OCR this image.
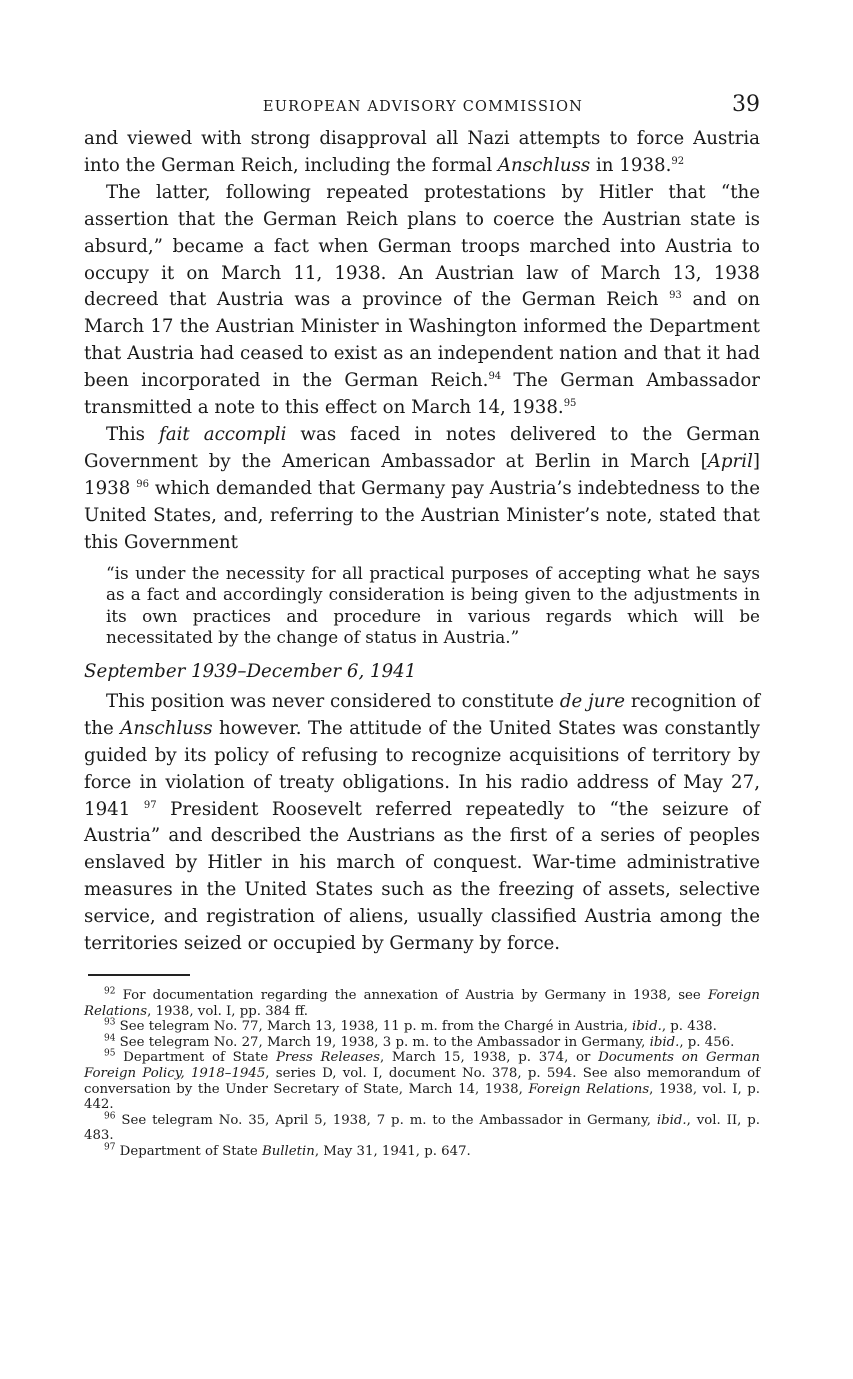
EUROPEAN ADVISORY COMMISSION	39

and viewed with strong disapproval all Nazi attempts to force Austria into the German Reich, including the formal Anschluss in 1938.92

The latter, following repeated protestations by Hitler that “the assertion that the German Reich plans to coerce the Austrian state is absurd,” became a fact when German troops marched into Austria to occupy it on March 11, 1938. An Austrian law of March 13, 1938 decreed that Austria was a province of the German Reich $^{93}$ and on March 17 the Austrian Minister in Washington informed the Department that Austria had ceased to exist as an independent nation and that it had been incorporated in the German Reich.$^{94}$ The German Ambassador transmitted a note to this effect on March 14, 1938.95

This fait accompli was faced in notes delivered to the German Government by the American Ambassador at Berlin in March [April] 1938 $^{96}$ which demanded that Germany pay Austria’s indebtedness to the United States, and, referring to the Austrian Minister’s note, stated that this Government

“is under the necessity for all practical purposes of accepting what he says as a fact and accordingly consideration is being given to the adjustments in its own practices and procedure in various regards which will be necessitated by the change of status in Austria.”

September 1939–December 6, 1941

This position was never considered to constitute de jure recognition of the Anschluss however. The attitude of the United States was constantly guided by its policy of refusing to recognize acquisitions of territory by force in violation of treaty obligations. In his radio address of May 27, 1941 $^{97}$ President Roosevelt referred repeatedly to “the seizure of Austria” and described the Austrians as the first of a series of peoples enslaved by Hitler in his march of conquest. War-time administrative measures in the United States such as the freezing of assets, selective service, and registration of aliens, usually classified Austria among the territories seized or occupied by Germany by force.

$^{92}$ For documentation regarding the annexation of Austria by Germany in 1938, see Foreign Relations, 1938, vol. I, pp. 384 ff.

$^{93}$ See telegram No. 77, March 13, 1938, 11 p. m. from the Chargé in Austria, ibid., p. 438.

$^{94}$ See telegram No. 27, March 19, 1938, 3 p. m. to the Ambassador in Germany, ibid., p. 456.

$^{95}$ Department of State Press Releases, March 15, 1938, p. 374, or Documents on German Foreign Policy, 1918–1945, series D, vol. I, document No. 378, p. 594. See also memorandum of conversation by the Under Secretary of State, March 14, 1938, Foreign Relations, 1938, vol. I, p. 442.

$^{96}$ See telegram No. 35, April 5, 1938, 7 p. m. to the Ambassador in Germany, ibid., vol. II, p. 483.

$^{97}$ Department of State Bulletin, May 31, 1941, p. 647.
